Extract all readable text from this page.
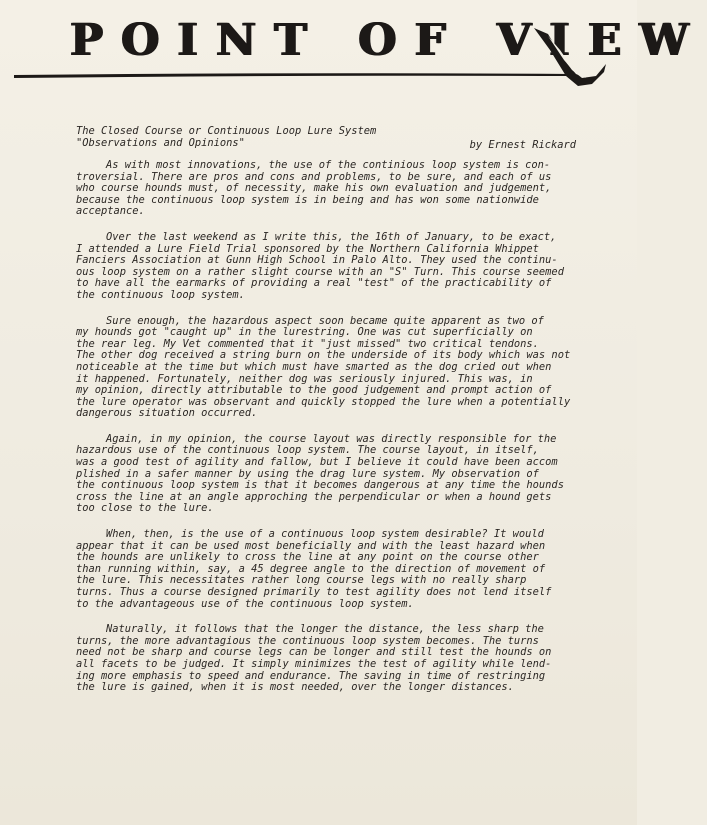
POINT OF VIEW
The Closed Course or Continuous Loop Lure System
"Observations and Opinions"	by Ernest Rickard
As with most innovations, the use of the continious loop system is con-
troversial. There are pros and cons and problems, to be sure, and each of us
who course hounds must, of necessity, make his own evaluation and judgement,
because the continuous loop system is in being and has won some nationwide
acceptance.
Over the last weekend as I write this, the 16th of January, to be exact,
I attended a Lure Field Trial sponsored by the Northern California Whippet
Fanciers Association at Gunn High School in Palo Alto. They used the continu-
ous loop system on a rather slight course with an "S" Turn. This course seemed
to have all the earmarks of providing a real "test" of the practicability of
the continuous loop system.
Sure enough, the hazardous aspect soon became quite apparent as two of
my hounds got "caught up" in the lurestring. One was cut superficially on
the rear leg. My Vet commented that it "just missed" two critical tendons.
The other dog received a string burn on the underside of its body which was not
noticeable at the time but which must have smarted as the dog cried out when
it happened. Fortunately, neither dog was seriously injured. This was, in
my opinion, directly attributable to the good judgement and prompt action of
the lure operator was observant and quickly stopped the lure when a potentially
dangerous situation occurred.
Again, in my opinion, the course layout was directly responsible for the
hazardous use of the continuous loop system. The course layout, in itself,
was a good test of agility and fallow, but I believe it could have been accom
plished in a safer manner by using the drag lure system. My observation of
the continuous loop system is that it becomes dangerous at any time the hounds
cross the line at an angle approching the perpendicular or when a hound gets
too close to the lure.
When, then, is the use of a continuous loop system desirable? It would
appear that it can be used most beneficially and with the least hazard when
the hounds are unlikely to cross the line at any point on the course other
than running within, say, a 45 degree angle to the direction of movement of
the lure. This necessitates rather long course legs with no really sharp
turns. Thus a course designed primarily to test agility does not lend itself
to the advantageous use of the continuous loop system.
Naturally, it follows that the longer the distance, the less sharp the
turns, the more advantagious the continuous loop system becomes. The turns
need not be sharp and course legs can be longer and still test the hounds on
all facets to be judged. It simply minimizes the test of agility while lend-
ing more emphasis to speed and endurance. The saving in time of restringing
the lure is gained, when it is most needed, over the longer distances.
